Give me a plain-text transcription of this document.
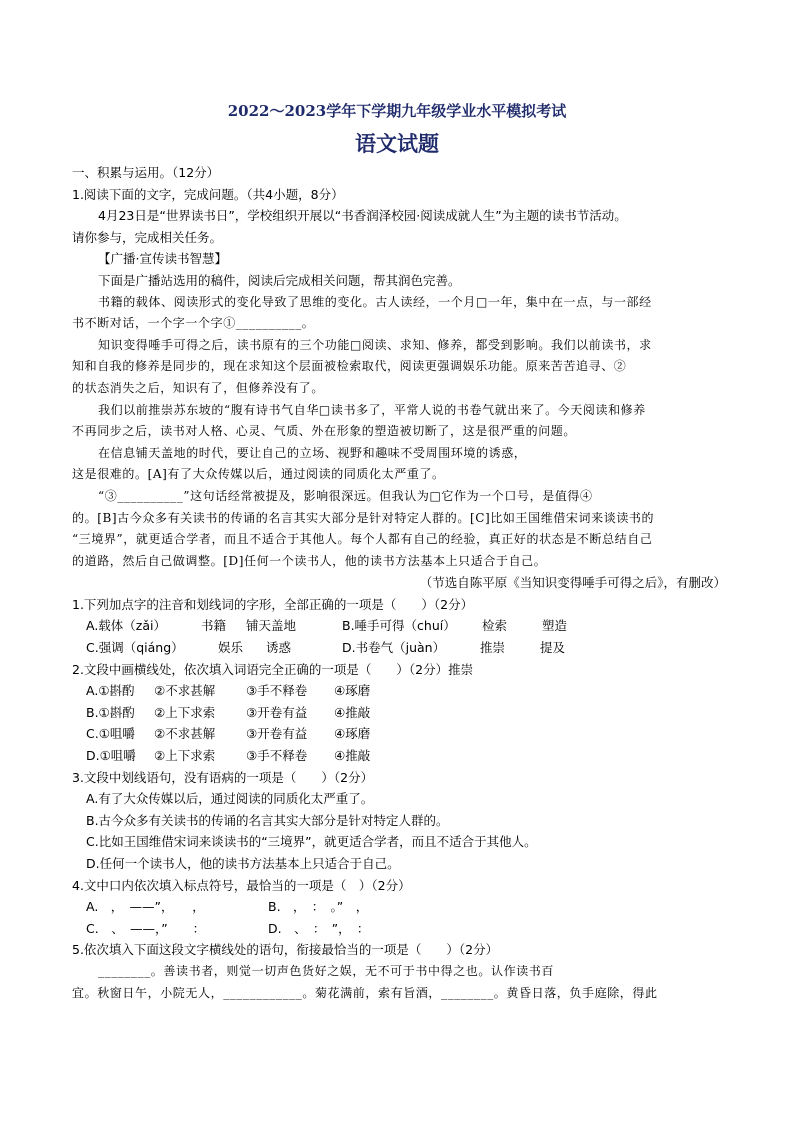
2022～2023学年下学期九年级学业水平模拟考试
语文试题
一、积累与运用。（12分）
1.阅读下面的文字，完成问题。（共4小题，8分）
4月23日是“世界读书日”，学校组织开展以“书香润泽校园·阅读成就人生”为主题的读书节活动。
请你参与，完成相关任务。
【广播·宣传读书智慧】
下面是广播站选用的稿件，阅读后完成相关问题，帮其润色完善。
书籍的载体、阅读形式的变化导致了思维的变化。古人读经，一个月□一年，集中在一点，与一部经
书不断对话，一个字一个字①__________。
知识变得唾手可得之后，读书原有的三个功能□阅读、求知、修养，都受到影响。我们以前读书，求
知和自我的修养是同步的，现在求知这个层面被检索取代，阅读更强调娱乐功能。原来苦苦追寻、②
的状态消失之后，知识有了，但修养没有了。
我们以前推崇苏东坡的“腹有诗书气自华□读书多了，平常人说的书卷气就出来了。今天阅读和修养
不再同步之后，读书对人格、心灵、气质、外在形象的塑造被切断了，这是很严重的问题。
在信息铺天盖地的时代，要让自己的立场、视野和趣味不受周围环境的诱惑，
这是很难的。[A]有了大众传媒以后，通过阅读的同质化太严重了。
“③__________”这句话经常被提及，影响很深远。但我认为□它作为一个口号，是值得④
的。[B]古今众多有关读书的传诵的名言其实大部分是针对特定人群的。[C]比如王国维借宋词来谈读书的
“三境界”，就更适合学者，而且不适合于其他人。每个人都有自己的经验，真正好的状态是不断总结自己
的道路，然后自己做调整。[D]任何一个读书人，他的读书方法基本上只适合于自己。
（节选自陈平原《当知识变得唾手可得之后》，有删改）
1.下列加点字的注音和划线词的字形，全部正确的一项是（　　）（2分）
A.载体（zǎi）	书籍	铺天盖地	B.唾手可得（chuí）	检索	塑造
C.强调（qiáng）	娱乐	诱惑	D.书卷气（juàn）	推崇	提及
2.文段中画横线处，依次填入词语完全正确的一项是（　　）（2分）推崇
A.①斟酌	②不求甚解	③手不释卷	④琢磨
B.①斟酌	②上下求索	③开卷有益	④推敲
C.①咀嚼	②不求甚解	③开卷有益	④琢磨
D.①咀嚼	②上下求索	③手不释卷	④推敲
3.文段中划线语句，没有语病的一项是（　　）（2分）
A.有了大众传媒以后，通过阅读的同质化太严重了。
B.古今众多有关读书的传诵的名言其实大部分是针对特定人群的。
C.比如王国维借宋词来谈读书的“三境界”，就更适合学者，而且不适合于其他人。
D.任何一个读书人，他的读书方法基本上只适合于自己。
4.文中口内依次填入标点符号，最恰当的一项是（　）（2分）
A.　，　——”，　　，	B.　，　：　。”　，
C.　、　——，”　　：	D.　、　：　”，　：
5.依次填入下面这段文字横线处的语句，衔接最恰当的一项是（　　）（2分）
________。善读书者，则觉一切声色货好之娱，无不可于书中得之也。认作读书百
宜。秋窗日午，小院无人，____________。菊花满前，索有旨酒，________。黄昏日落，负手庭除，得此
